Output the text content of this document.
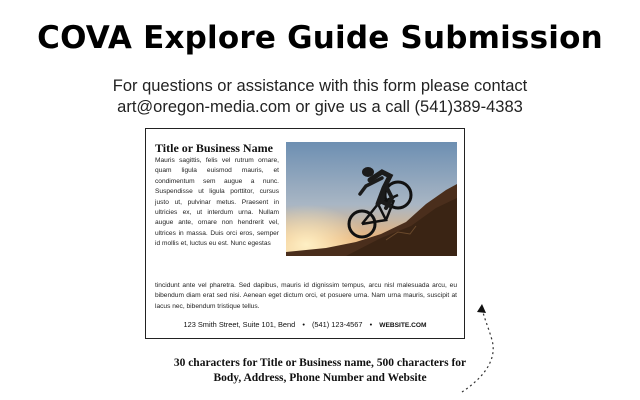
COVA Explore Guide Submission
For questions or assistance with this form please contact
art@oregon-media.com or give us a call (541)389-4383
Title or Business Name
Mauris sagittis, felis vel rutrum ornare, quam ligula euismod mauris, et condimentum sem augue a nunc. Suspendisse ut ligula porttitor, cursus justo ut, pulvinar metus. Praesent in ultricies ex, ut interdum urna. Nullam augue ante, ornare non hendrerit vel, ultrices in massa. Duis orci eros, semper id mollis et, luctus eu est. Nunc egestas
tincidunt ante vel pharetra. Sed dapibus, mauris id dignissim tempus, arcu nisl malesuada arcu, eu bibendum diam erat sed nisi. Aenean eget dictum orci, et posuere urna. Nam urna mauris, suscipit at lacus nec, bibendum tristique tellus.
123 Smith Street, Suite 101, Bend • (541) 123-4567 • WEBSITE.COM
30 characters for Title or Business name, 500 characters for
Body, Address, Phone Number and Website
